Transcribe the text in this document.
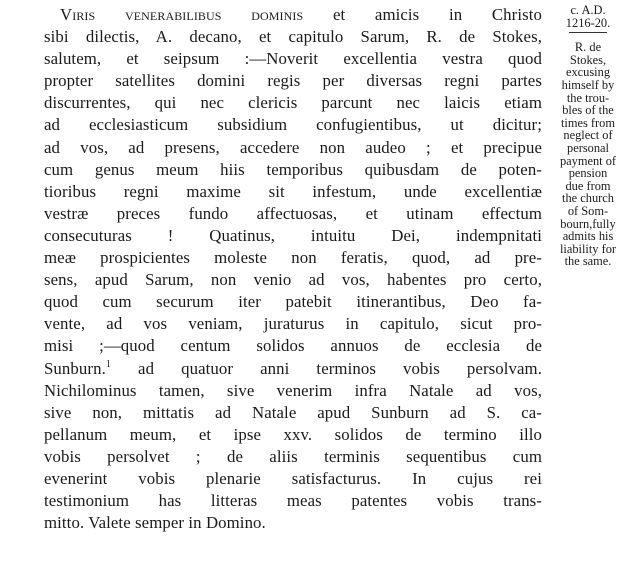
Viris venerabilibus dominis et amicis in Christo
sibi dilectis, A. decano, et capitulo Sarum, R. de Stokes,
salutem, et seipsum :—Noverit excellentia vestra quod
propter satellites domini regis per diversas regni partes
discurrentes, qui nec clericis parcunt nec laicis etiam
ad ecclesiasticum subsidium confugientibus, ut dicitur;
ad vos, ad presens, accedere non audeo ; et precipue
cum genus meum hiis temporibus quibusdam de poten-
tioribus regni maxime sit infestum, unde excellentiæ
vestræ preces fundo affectuosas, et utinam effectum
consecuturas ! Quatinus, intuitu Dei, indempnitati
meæ prospicientes moleste non feratis, quod, ad pre-
sens, apud Sarum, non venio ad vos, habentes pro certo,
quod cum securum iter patebit itinerantibus, Deo fa-
vente, ad vos veniam, juraturus in capitulo, sicut pro-
misi ;—quod centum solidos annuos de ecclesia de
Sunburn.$^1$ ad quatuor anni terminos vobis persolvam.
Nichilominus tamen, sive venerim infra Natale ad vos,
sive non, mittatis ad Natale apud Sunburn ad S. ca-
pellanum meum, et ipse xxv. solidos de termino illo
vobis persolvet ; de aliis terminis sequentibus cum
evenerint vobis plenarie satisfacturus. In cujus rei
testimonium has litteras meas patentes vobis trans-
mitto. Valete semper in Domino.
c. A.D.
1216-20.
R. de
Stokes,
excusing
himself by
the trou-
bles of the
times from
neglect of
personal
payment of
pension
due from
the church
of Som-
bourn,fully
admits his
liability for
the same.
